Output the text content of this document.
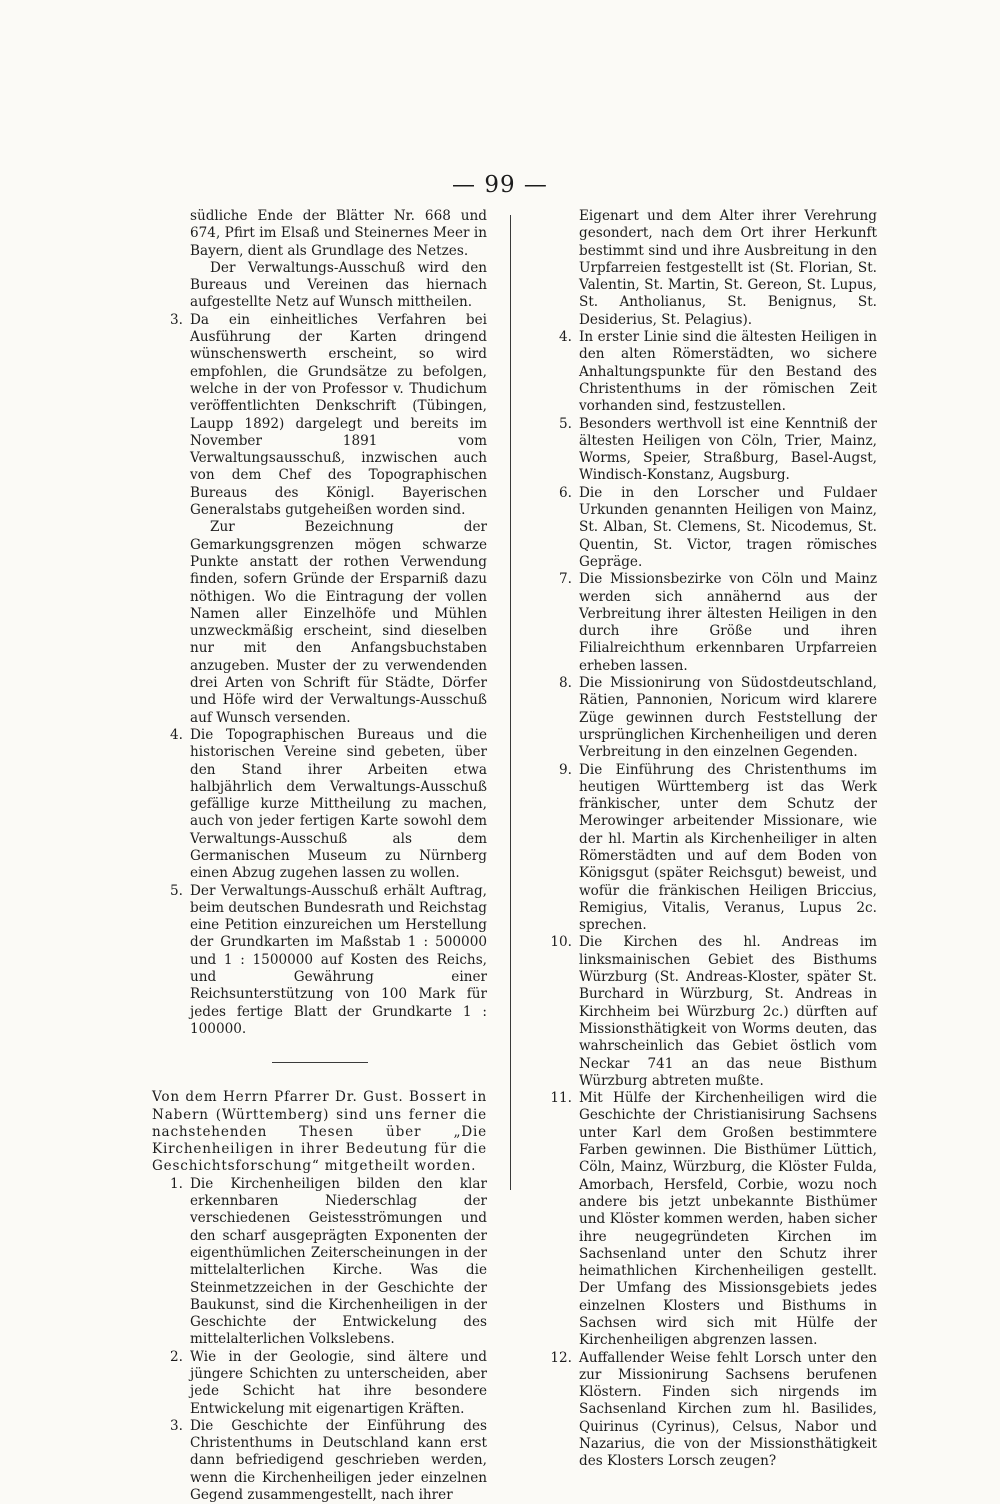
— 99 —

südliche Ende der Blätter Nr. 668 und 674, Pfirt im Elsaß und Steinernes Meer in Bayern, dient als Grundlage des Netzes.

Der Verwaltungs-Ausschuß wird den Bureaus und Vereinen das hiernach aufgestellte Netz auf Wunsch mittheilen.

3. Da ein einheitliches Verfahren bei Ausführung der Karten dringend wünschenswerth erscheint, so wird empfohlen, die Grundsätze zu befolgen, welche in der von Professor v. Thudichum veröffentlichten Denkschrift (Tübingen, Laupp 1892) dargelegt und bereits im November 1891 vom Verwaltungsausschuß, inzwischen auch von dem Chef des Topographischen Bureaus des Königl. Bayerischen Generalstabs gutgeheißen worden sind.

Zur Bezeichnung der Gemarkungsgrenzen mögen schwarze Punkte anstatt der rothen Verwendung finden, sofern Gründe der Ersparniß dazu nöthigen. Wo die Eintragung der vollen Namen aller Einzelhöfe und Mühlen unzweckmäßig erscheint, sind dieselben nur mit den Anfangsbuchstaben anzugeben. Muster der zu verwendenden drei Arten von Schrift für Städte, Dörfer und Höfe wird der Verwaltungs-Ausschuß auf Wunsch versenden.

4. Die Topographischen Bureaus und die historischen Vereine sind gebeten, über den Stand ihrer Arbeiten etwa halbjährlich dem Verwaltungs-Ausschuß gefällige kurze Mittheilung zu machen, auch von jeder fertigen Karte sowohl dem Verwaltungs-Ausschuß als dem Germanischen Museum zu Nürnberg einen Abzug zugehen lassen zu wollen.

5. Der Verwaltungs-Ausschuß erhält Auftrag, beim deutschen Bundesrath und Reichstag eine Petition einzureichen um Herstellung der Grundkarten im Maßstab 1 : 500000 und 1 : 1500000 auf Kosten des Reichs, und Gewährung einer Reichsunterstützung von 100 Mark für jedes fertige Blatt der Grundkarte 1 : 100000.

Von dem Herrn Pfarrer Dr. Gust. Bossert in Nabern (Württemberg) sind uns ferner die nachstehenden Thesen über „Die Kirchenheiligen in ihrer Bedeutung für die Geschichtsforschung“ mitgetheilt worden.

1. Die Kirchenheiligen bilden den klar erkennbaren Niederschlag der verschiedenen Geistesströmungen und den scharf ausgeprägten Exponenten der eigenthümlichen Zeiterscheinungen in der mittelalterlichen Kirche. Was die Steinmetzzeichen in der Geschichte der Baukunst, sind die Kirchenheiligen in der Geschichte der Entwickelung des mittelalterlichen Volkslebens.

2. Wie in der Geologie, sind ältere und jüngere Schichten zu unterscheiden, aber jede Schicht hat ihre besondere Entwickelung mit eigenartigen Kräften.

3. Die Geschichte der Einführung des Christenthums in Deutschland kann erst dann befriedigend geschrieben werden, wenn die Kirchenheiligen jeder einzelnen Gegend zusammengestellt, nach ihrer

Eigenart und dem Alter ihrer Verehrung gesondert, nach dem Ort ihrer Herkunft bestimmt sind und ihre Ausbreitung in den Urpfarreien festgestellt ist (St. Florian, St. Valentin, St. Martin, St. Gereon, St. Lupus, St. Antholianus, St. Benignus, St. Desiderius, St. Pelagius).

4. In erster Linie sind die ältesten Heiligen in den alten Römerstädten, wo sichere Anhaltungspunkte für den Bestand des Christenthums in der römischen Zeit vorhanden sind, festzustellen.

5. Besonders werthvoll ist eine Kenntniß der ältesten Heiligen von Cöln, Trier, Mainz, Worms, Speier, Straßburg, Basel-Augst, Windisch-Konstanz, Augsburg.

6. Die in den Lorscher und Fuldaer Urkunden genannten Heiligen von Mainz, St. Alban, St. Clemens, St. Nicodemus, St. Quentin, St. Victor, tragen römisches Gepräge.

7. Die Missionsbezirke von Cöln und Mainz werden sich annähernd aus der Verbreitung ihrer ältesten Heiligen in den durch ihre Größe und ihren Filialreichthum erkennbaren Urpfarreien erheben lassen.

8. Die Missionirung von Südostdeutschland, Rätien, Pannonien, Noricum wird klarere Züge gewinnen durch Feststellung der ursprünglichen Kirchenheiligen und deren Verbreitung in den einzelnen Gegenden.

9. Die Einführung des Christenthums im heutigen Württemberg ist das Werk fränkischer, unter dem Schutz der Merowinger arbeitender Missionare, wie der hl. Martin als Kirchenheiliger in alten Römerstädten und auf dem Boden von Königsgut (später Reichsgut) beweist, und wofür die fränkischen Heiligen Briccius, Remigius, Vitalis, Veranus, Lupus 2c. sprechen.

10. Die Kirchen des hl. Andreas im linksmainischen Gebiet des Bisthums Würzburg (St. Andreas-Kloster, später St. Burchard in Würzburg, St. Andreas in Kirchheim bei Würzburg 2c.) dürften auf Missionsthätigkeit von Worms deuten, das wahrscheinlich das Gebiet östlich vom Neckar 741 an das neue Bisthum Würzburg abtreten mußte.

11. Mit Hülfe der Kirchenheiligen wird die Geschichte der Christianisirung Sachsens unter Karl dem Großen bestimmtere Farben gewinnen. Die Bisthümer Lüttich, Cöln, Mainz, Würzburg, die Klöster Fulda, Amorbach, Hersfeld, Corbie, wozu noch andere bis jetzt unbekannte Bisthümer und Klöster kommen werden, haben sicher ihre neugegründeten Kirchen im Sachsenland unter den Schutz ihrer heimathlichen Kirchenheiligen gestellt. Der Umfang des Missionsgebiets jedes einzelnen Klosters und Bisthums in Sachsen wird sich mit Hülfe der Kirchenheiligen abgrenzen lassen.

12. Auffallender Weise fehlt Lorsch unter den zur Missionirung Sachsens berufenen Klöstern. Finden sich nirgends im Sachsenland Kirchen zum hl. Basilides, Quirinus (Cyrinus), Celsus, Nabor und Nazarius, die von der Missionsthätigkeit des Klosters Lorsch zeugen?
